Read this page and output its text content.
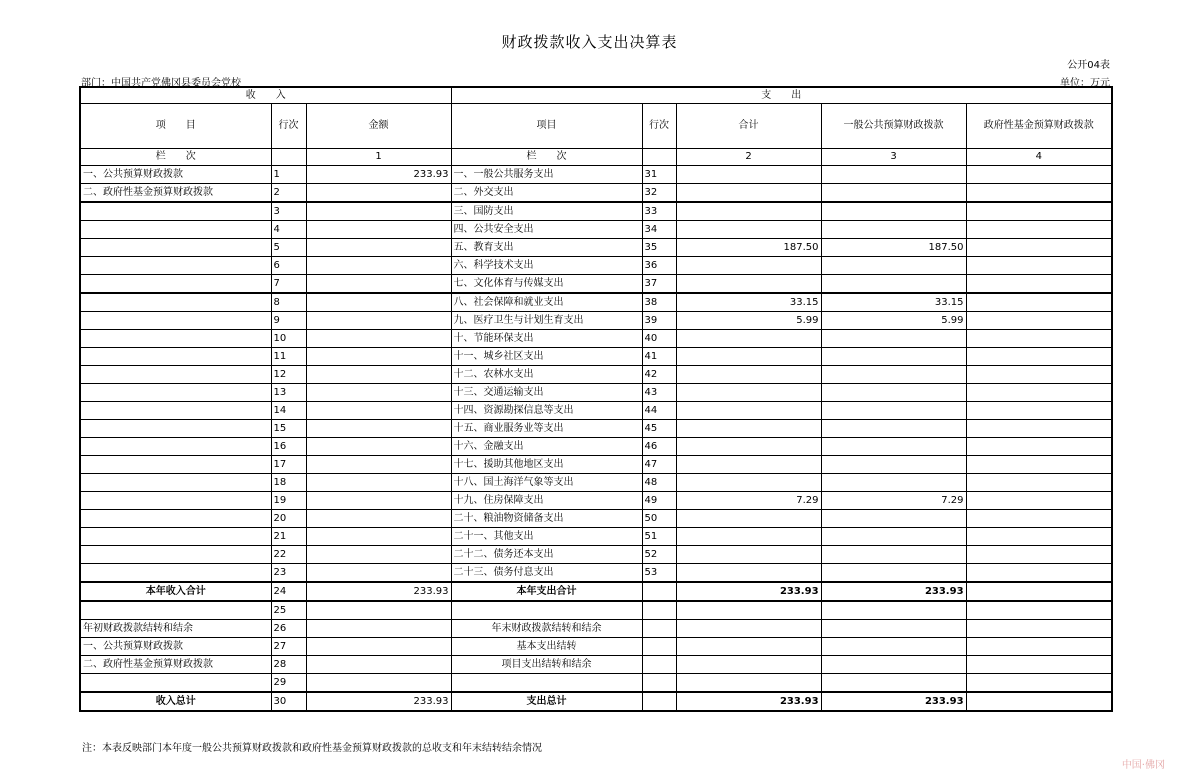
财政拨款收入支出决算表
公开04表
部门：中国共产党佛冈县委员会党校	单位：万元
收　　入			支　　出				
项　　目	行次	金额	项目	行次	合计	一般公共预算财政拨款	政府性基金预算财政拨款
栏　　次		1	栏　　次		2	3	4
一、公共预算财政拨款	1	233.93	一、一般公共服务支出	31			
二、政府性基金预算财政拨款	2		二、外交支出	32			
	3		三、国防支出	33			
	4		四、公共安全支出	34			
	5		五、教育支出	35	187.50	187.50	
	6		六、科学技术支出	36			
	7		七、文化体育与传媒支出	37			
	8		八、社会保障和就业支出	38	33.15	33.15	
	9		九、医疗卫生与计划生育支出	39	5.99	5.99	
	10		十、节能环保支出	40			
	11		十一、城乡社区支出	41			
	12		十二、农林水支出	42			
	13		十三、交通运输支出	43			
	14		十四、资源勘探信息等支出	44			
	15		十五、商业服务业等支出	45			
	16		十六、金融支出	46			
	17		十七、援助其他地区支出	47			
	18		十八、国土海洋气象等支出	48			
	19		十九、住房保障支出	49	7.29	7.29	
	20		二十、粮油物资储备支出	50			
	21		二十一、其他支出	51			
	22		二十二、债务还本支出	52			
	23		二十三、债务付息支出	53			
本年收入合计	24	233.93	本年支出合计		233.93	233.93	
	25						
年初财政拨款结转和结余	26		年末财政拨款结转和结余				
一、公共预算财政拨款	27		基本支出结转				
二、政府性基金预算财政拨款	28		项目支出结转和结余				
	29						
收入总计	30	233.93	支出总计		233.93	233.93	
注：本表反映部门本年度一般公共预算财政拨款和政府性基金预算财政拨款的总收支和年末结转结余情况
中国·佛冈
